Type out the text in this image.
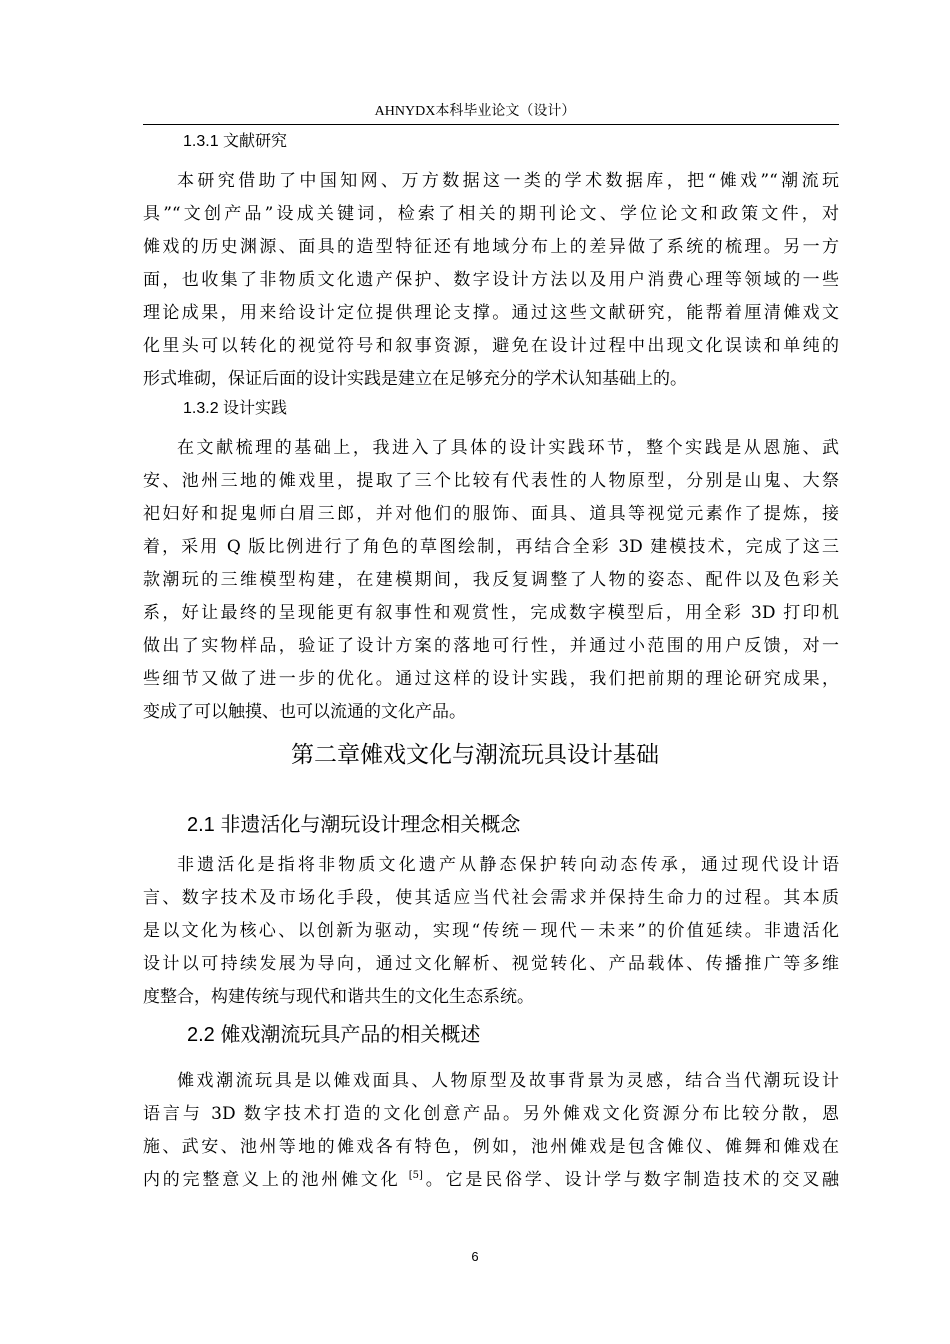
AHNYDX本科毕业论文（设计）
1.3.1 文献研究
本研究借助了中国知网、万方数据这一类的学术数据库，把“傩戏”“潮流玩
具”“文创产品”设成关键词，检索了相关的期刊论文、学位论文和政策文件，对
傩戏的历史渊源、面具的造型特征还有地域分布上的差异做了系统的梳理。另一方
面，也收集了非物质文化遗产保护、数字设计方法以及用户消费心理等领域的一些
理论成果，用来给设计定位提供理论支撑。通过这些文献研究，能帮着厘清傩戏文
化里头可以转化的视觉符号和叙事资源，避免在设计过程中出现文化误读和单纯的
形式堆砌，保证后面的设计实践是建立在足够充分的学术认知基础上的。
1.3.2 设计实践
在文献梳理的基础上，我进入了具体的设计实践环节，整个实践是从恩施、武
安、池州三地的傩戏里，提取了三个比较有代表性的人物原型，分别是山鬼、大祭
祀妇好和捉鬼师白眉三郎，并对他们的服饰、面具、道具等视觉元素作了提炼，接
着，采用 Q 版比例进行了角色的草图绘制，再结合全彩 3D 建模技术，完成了这三
款潮玩的三维模型构建，在建模期间，我反复调整了人物的姿态、配件以及色彩关
系，好让最终的呈现能更有叙事性和观赏性，完成数字模型后，用全彩 3D 打印机
做出了实物样品，验证了设计方案的落地可行性，并通过小范围的用户反馈，对一
些细节又做了进一步的优化。通过这样的设计实践，我们把前期的理论研究成果，
变成了可以触摸、也可以流通的文化产品。
第二章傩戏文化与潮流玩具设计基础
2.1 非遗活化与潮玩设计理念相关概念
非遗活化是指将非物质文化遗产从静态保护转向动态传承，通过现代设计语
言、数字技术及市场化手段，使其适应当代社会需求并保持生命力的过程。其本质
是以文化为核心、以创新为驱动，实现“传统－现代－未来”的价值延续。非遗活化
设计以可持续发展为导向，通过文化解析、视觉转化、产品载体、传播推广等多维
度整合，构建传统与现代和谐共生的文化生态系统。
2.2 傩戏潮流玩具产品的相关概述
傩戏潮流玩具是以傩戏面具、人物原型及故事背景为灵感，结合当代潮玩设计
语言与 3D 数字技术打造的文化创意产品。另外傩戏文化资源分布比较分散，恩
施、武安、池州等地的傩戏各有特色，例如，池州傩戏是包含傩仪、傩舞和傩戏在
内的完整意义上的池州傩文化 [5]。它是民俗学、设计学与数字制造技术的交叉融
6
